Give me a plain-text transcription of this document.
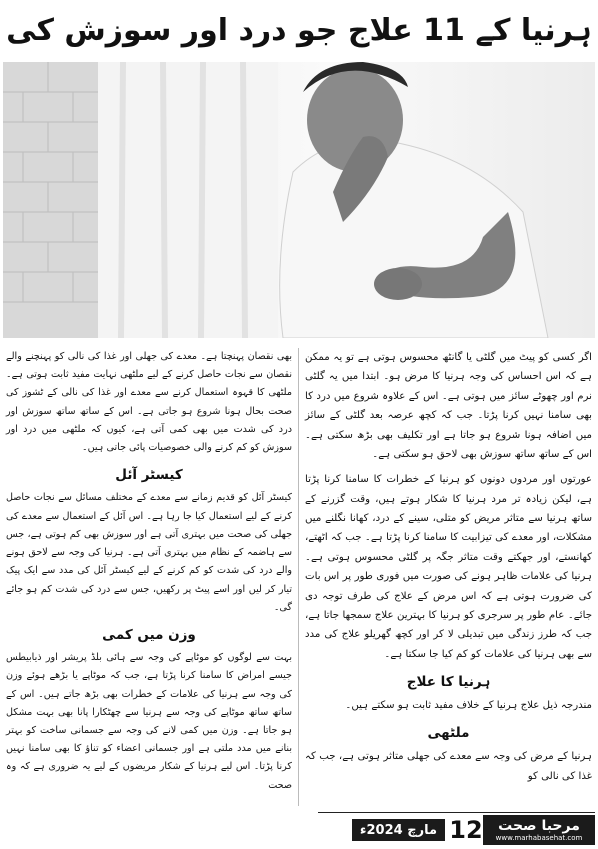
ہرنیا کے 11 علاج جو درد اور سوزش کی

اگر کسی کو پیٹ میں گلٹی یا گانٹھ محسوس ہوتی ہے تو یہ ممکن ہے کہ اس احساس کی وجہ ہرنیا کا مرض ہو۔ ابتدا میں یہ گلٹی نرم اور چھوٹے سائز میں ہوتی ہے۔ اس کے علاوہ شروع میں درد کا بھی سامنا نہیں کرنا پڑتا۔ جب کہ کچھ عرصہ بعد گلٹی کے سائز میں اضافہ ہونا شروع ہو جاتا ہے اور تکلیف بھی بڑھ سکتی ہے۔ اس کے ساتھ ساتھ سوزش بھی لاحق ہو سکتی ہے۔

عورتوں اور مردوں دونوں کو ہرنیا کے خطرات کا سامنا کرنا پڑتا ہے، لیکن زیادہ تر مرد ہرنیا کا شکار ہوتے ہیں، وقت گزرنے کے ساتھ ہرنیا سے متاثر مریض کو متلی، سینے کے درد، کھانا نگلنے میں مشکلات، اور معدے کی تیزابیت کا سامنا کرنا پڑتا ہے۔ جب کہ اٹھتے، کھانستے، اور جھکتے وقت متاثر جگہ پر گلٹی محسوس ہوتی ہے۔ ہرنیا کی علامات ظاہر ہونے کی صورت میں فوری طور پر اس بات کی ضرورت ہوتی ہے کہ اس مرض کے علاج کی طرف توجہ دی جائے۔ عام طور پر سرجری کو ہرنیا کا بہترین علاج سمجھا جاتا ہے، جب کہ طرز زندگی میں تبدیلی لا کر اور کچھ گھریلو علاج کی مدد سے بھی ہرنیا کی علامات کو کم کیا جا سکتا ہے۔

ہرنیا کا علاج

مندرجہ ذیل علاج ہرنیا کے خلاف مفید ثابت ہو سکتے ہیں۔

ملٹھی

ہرنیا کے مرض کی وجہ سے معدے کی جھلی متاثر ہوتی ہے، جب کہ غذا کی نالی کو

بھی نقصان پہنچتا ہے۔ معدے کی جھلی اور غذا کی نالی کو پہنچنے والے نقصان سے نجات حاصل کرنے کے لیے ملٹھی نہایت مفید ثابت ہوتی ہے۔ ملٹھی کا قہوہ استعمال کرنے سے معدے اور غذا کی نالی کے ٹشوز کی صحت بحال ہونا شروع ہو جاتی ہے۔ اس کے ساتھ ساتھ سوزش اور درد کی شدت میں بھی کمی آتی ہے، کیوں کہ ملٹھی میں درد اور سوزش کو کم کرنے والی خصوصیات پائی جاتی ہیں۔

کیسٹر آئل

کیسٹر آئل کو قدیم زمانے سے معدے کے مختلف مسائل سے نجات حاصل کرنے کے لیے استعمال کیا جا رہا ہے۔ اس آئل کے استعمال سے معدے کی جھلی کی صحت میں بہتری آتی ہے اور سوزش بھی کم ہوتی ہے، جس سے ہاضمہ کے نظام میں بہتری آتی ہے۔ ہرنیا کی وجہ سے لاحق ہونے والے درد کی شدت کو کم کرنے کے لیے کیسٹر آئل کی مدد سے ایک پیک تیار کر لیں اور اسے پیٹ پر رکھیں، جس سے درد کی شدت کم ہو جائے گی۔

وزن میں کمی

بہت سے لوگوں کو موٹاپے کی وجہ سے ہائی بلڈ پریشر اور ذیابیطس جیسے امراض کا سامنا کرنا پڑتا ہے، جب کہ موٹاپے یا بڑھے ہوئے وزن کی وجہ سے ہرنیا کی علامات کے خطرات بھی بڑھ جاتے ہیں۔ اس کے ساتھ ساتھ موٹاپے کی وجہ سے ہرنیا سے چھٹکارا پانا بھی بہت مشکل ہو جاتا ہے۔ وزن میں کمی لانے کی وجہ سے جسمانی ساخت کو بہتر بنانے میں مدد ملتی ہے اور جسمانی اعضاء کو تناؤ کا بھی سامنا نہیں کرنا پڑتا۔ اس لیے ہرنیا کے شکار مریضوں کے لیے یہ ضروری ہے کہ وہ صحت

مرحبا صحت
www.marhabasehat.com
12
مارچ 2024ء
